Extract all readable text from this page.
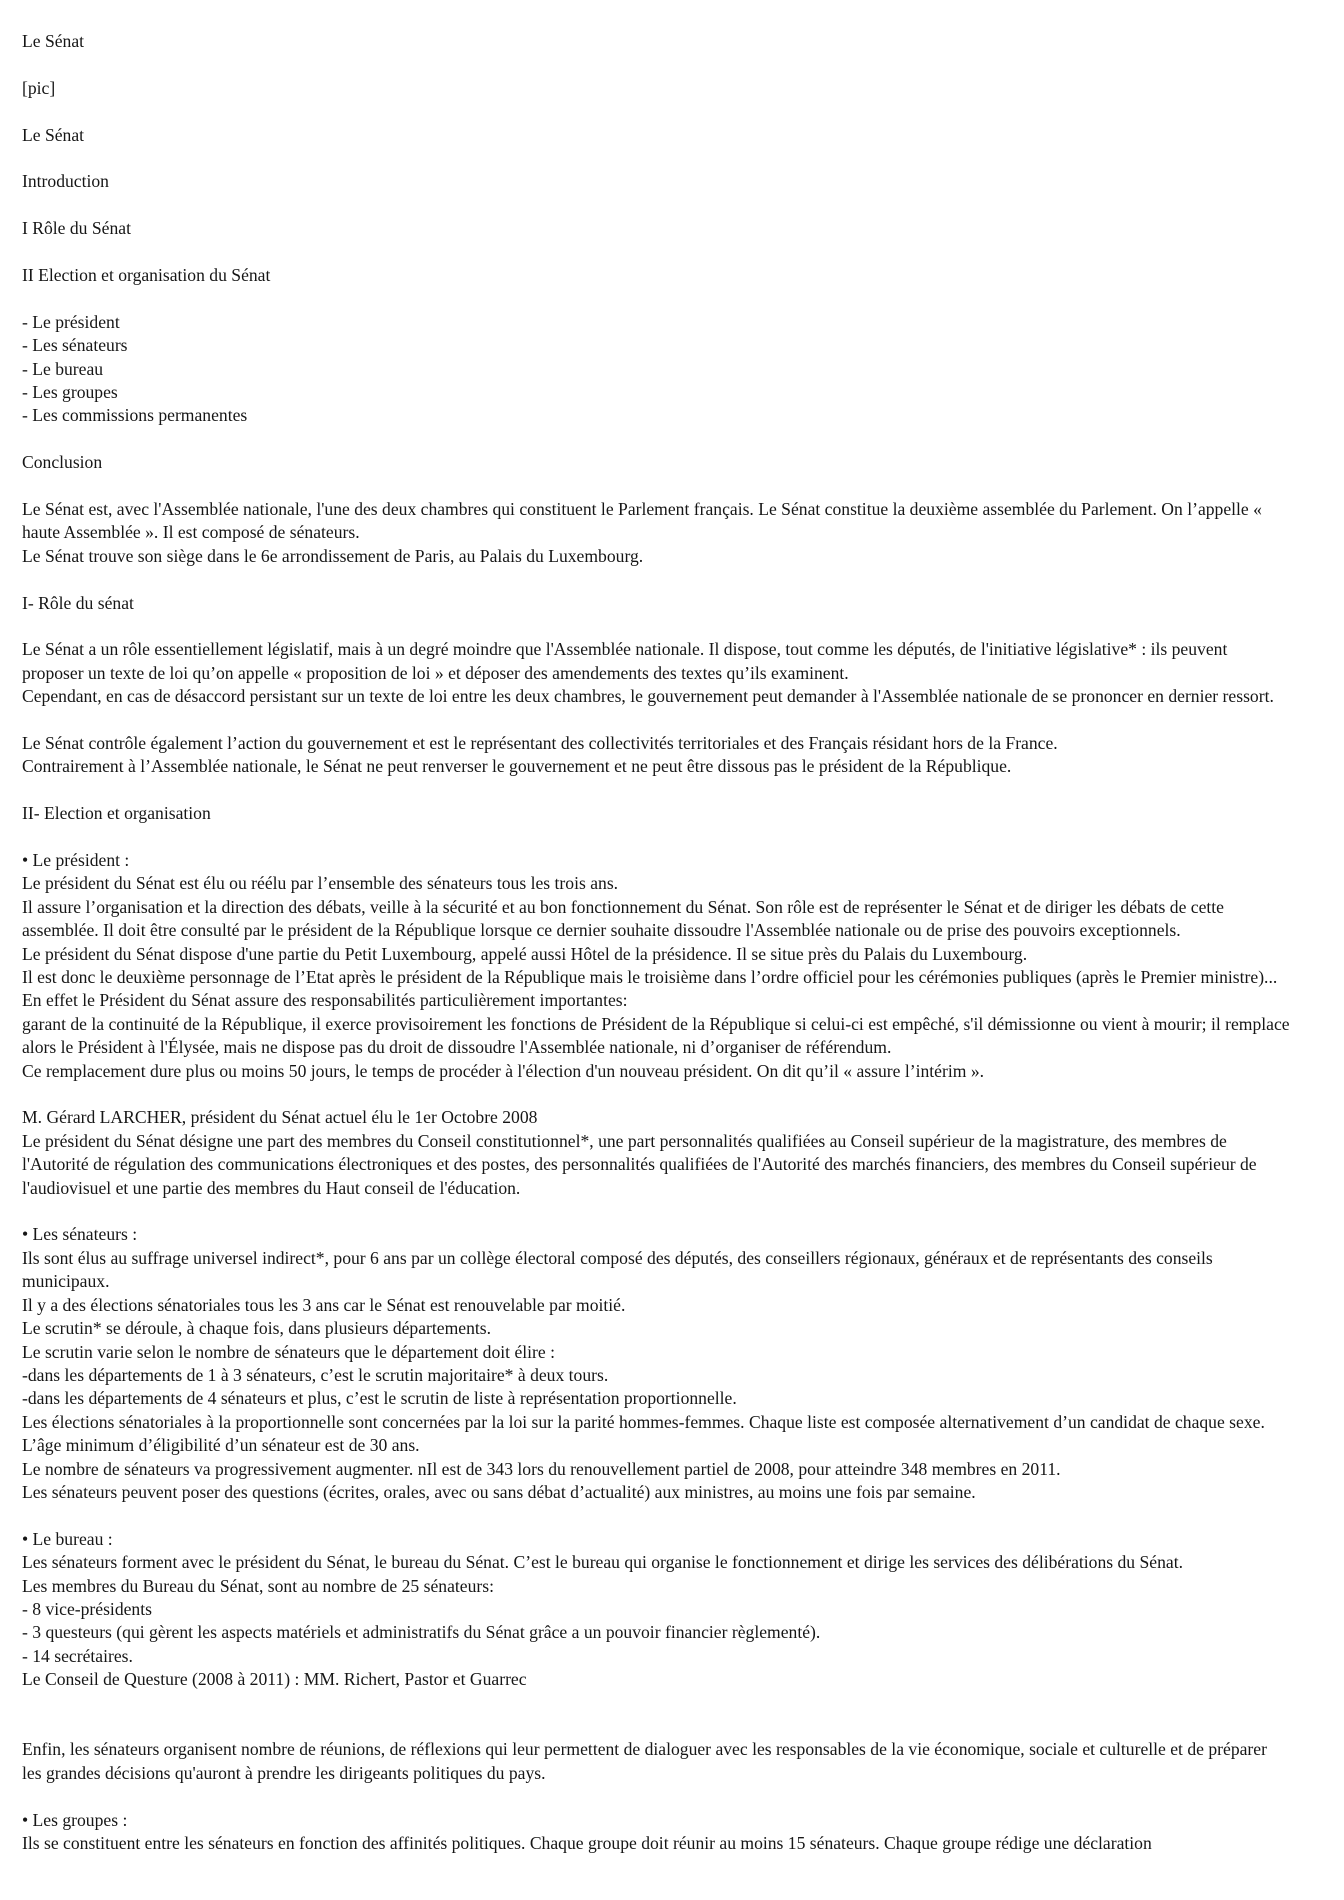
Le Sénat

[pic]

Le Sénat

Introduction

I Rôle du Sénat

II Election et organisation du Sénat

- Le président

- Les sénateurs

- Le bureau

- Les groupes

- Les commissions permanentes

Conclusion

Le Sénat est, avec l'Assemblée nationale, l'une des deux chambres qui constituent le Parlement français. Le Sénat constitue la deuxième assemblée du Parlement. On l’appelle « haute Assemblée ». Il est composé de sénateurs.

Le Sénat trouve son siège dans le 6e arrondissement de Paris, au Palais du Luxembourg.

I- Rôle du sénat

Le Sénat a un rôle essentiellement législatif, mais à un degré moindre que l'Assemblée nationale. Il dispose, tout comme les députés, de l'initiative législative* : ils peuvent proposer un texte de loi qu’on appelle « proposition de loi » et déposer des amendements des textes qu’ils examinent.

Cependant, en cas de désaccord persistant sur un texte de loi entre les deux chambres, le gouvernement peut demander à l'Assemblée nationale de se prononcer en dernier ressort.

Le Sénat contrôle également l’action du gouvernement et est le représentant des collectivités territoriales et des Français résidant hors de la France.

Contrairement à l’Assemblée nationale, le Sénat ne peut renverser le gouvernement et ne peut être dissous pas le président de la République.

II- Election et organisation

• Le président :

Le président du Sénat est élu ou réélu par l’ensemble des sénateurs tous les trois ans.

Il assure l’organisation et la direction des débats, veille à la sécurité et au bon fonctionnement du Sénat. Son rôle est de représenter le Sénat et de diriger les débats de cette assemblée. Il doit être consulté par le président de la République lorsque ce dernier souhaite dissoudre l'Assemblée nationale ou de prise des pouvoirs exceptionnels.

Le président du Sénat dispose d'une partie du Petit Luxembourg, appelé aussi Hôtel de la présidence. Il se situe près du Palais du Luxembourg.

Il est donc le deuxième personnage de l’Etat après le président de la République mais le troisième dans l’ordre officiel pour les cérémonies publiques (après le Premier ministre)...

En effet le Président du Sénat assure des responsabilités particulièrement importantes:

garant de la continuité de la République, il exerce provisoirement les fonctions de Président de la République si celui-ci est empêché, s'il démissionne ou vient à mourir; il remplace alors le Président à l'Élysée, mais ne dispose pas du droit de dissoudre l'Assemblée nationale, ni d’organiser de référendum.

Ce remplacement dure plus ou moins 50 jours, le temps de procéder à l'élection d'un nouveau président. On dit qu’il « assure l’intérim ».

M. Gérard LARCHER, président du Sénat actuel élu le 1er Octobre 2008

Le président du Sénat désigne une part des membres du Conseil constitutionnel*, une part personnalités qualifiées au Conseil supérieur de la magistrature, des membres de l'Autorité de régulation des communications électroniques et des postes, des personnalités qualifiées de l'Autorité des marchés financiers, des membres du Conseil supérieur de l'audiovisuel et une partie des membres du Haut conseil de l'éducation.

• Les sénateurs :

Ils sont élus au suffrage universel indirect*, pour 6 ans par un collège électoral composé des députés, des conseillers régionaux, généraux et de représentants des conseils municipaux.

Il y a des élections sénatoriales tous les 3 ans car le Sénat est renouvelable par moitié.

Le scrutin* se déroule, à chaque fois, dans plusieurs départements.

Le scrutin varie selon le nombre de sénateurs que le département doit élire :

-dans les départements de 1 à 3 sénateurs, c’est le scrutin majoritaire* à deux tours.

-dans les départements de 4 sénateurs et plus, c’est le scrutin de liste à représentation proportionnelle.

Les élections sénatoriales à la proportionnelle sont concernées par la loi sur la parité hommes-femmes. Chaque liste est composée alternativement d’un candidat de chaque sexe.

L’âge minimum d’éligibilité d’un sénateur est de 30 ans.

Le nombre de sénateurs va progressivement augmenter. nIl est de 343 lors du renouvellement partiel de 2008, pour atteindre 348 membres en 2011.

Les sénateurs peuvent poser des questions (écrites, orales, avec ou sans débat d’actualité) aux ministres, au moins une fois par semaine.

• Le bureau :

Les sénateurs forment avec le président du Sénat, le bureau du Sénat. C’est le bureau qui organise le fonctionnement et dirige les services des délibérations du Sénat.

Les membres du Bureau du Sénat, sont au nombre de 25 sénateurs:

- 8 vice-présidents

- 3 questeurs (qui gèrent les aspects matériels et administratifs du Sénat grâce a un pouvoir financier règlementé).

- 14 secrétaires.

Le Conseil de Questure (2008 à 2011) : MM. Richert, Pastor et Guarrec

Enfin, les sénateurs organisent nombre de réunions, de réflexions qui leur permettent de dialoguer avec les responsables de la vie économique, sociale et culturelle et de préparer les grandes décisions qu'auront à prendre les dirigeants politiques du pays.

• Les groupes :

Ils se constituent entre les sénateurs en fonction des affinités politiques. Chaque groupe doit réunir au moins 15 sénateurs. Chaque groupe rédige une déclaration
